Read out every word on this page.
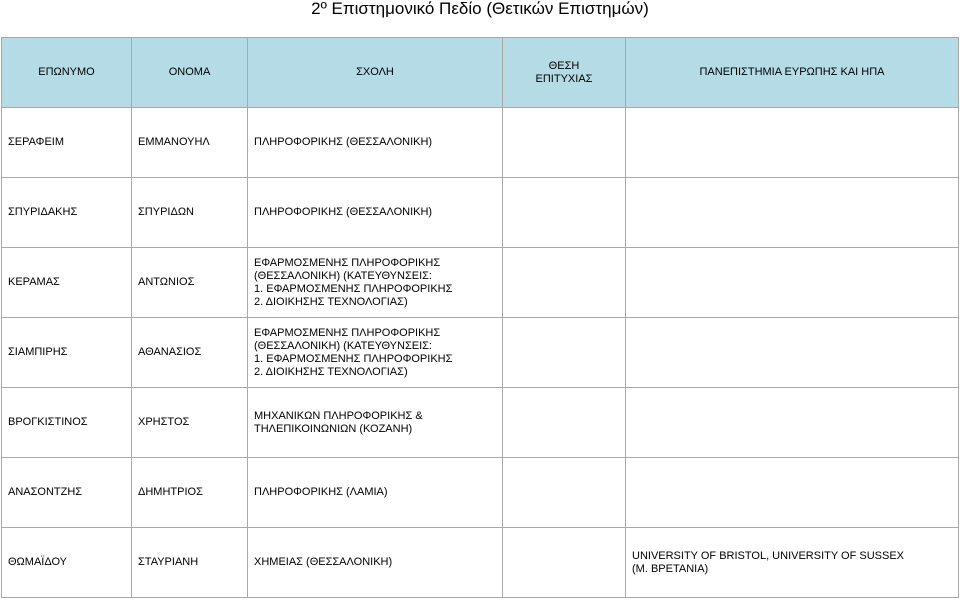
2º Επιστημονικό Πεδίο (Θετικών Επιστημών)
ΕΠΩΝΥΜΟ	ΟΝΟΜΑ	ΣΧΟΛΗ	ΘΕΣΗ
ΕΠΙΤΥΧΙΑΣ	ΠΑΝΕΠΙΣΤΗΜΙΑ ΕΥΡΩΠΗΣ ΚΑΙ ΗΠΑ
ΣΕΡΑΦΕΙΜ	ΕΜΜΑΝΟΥΗΛ	ΠΛΗΡΟΦΟΡΙΚΗΣ (ΘΕΣΣΑΛΟΝΙΚΗ)		
ΣΠΥΡΙΔΑΚΗΣ	ΣΠΥΡΙΔΩΝ	ΠΛΗΡΟΦΟΡΙΚΗΣ (ΘΕΣΣΑΛΟΝΙΚΗ)		
ΚΕΡΑΜΑΣ	ΑΝΤΩΝΙΟΣ	ΕΦΑΡΜΟΣΜΕΝΗΣ ΠΛΗΡΟΦΟΡΙΚΗΣ
(ΘΕΣΣΑΛΟΝΙΚΗ) (ΚΑΤΕΥΘΥΝΣΕΙΣ:
1. ΕΦΑΡΜΟΣΜΕΝΗΣ ΠΛΗΡΟΦΟΡΙΚΗΣ
2. ΔΙΟΙΚΗΣΗΣ ΤΕΧΝΟΛΟΓΙΑΣ)		
ΣΙΑΜΠΙΡΗΣ	ΑΘΑΝΑΣΙΟΣ	ΕΦΑΡΜΟΣΜΕΝΗΣ ΠΛΗΡΟΦΟΡΙΚΗΣ
(ΘΕΣΣΑΛΟΝΙΚΗ) (ΚΑΤΕΥΘΥΝΣΕΙΣ:
1. ΕΦΑΡΜΟΣΜΕΝΗΣ ΠΛΗΡΟΦΟΡΙΚΗΣ
2. ΔΙΟΙΚΗΣΗΣ ΤΕΧΝΟΛΟΓΙΑΣ)		
ΒΡΟΓΚΙΣΤΙΝΟΣ	ΧΡΗΣΤΟΣ	ΜΗΧΑΝΙΚΩΝ ΠΛΗΡΟΦΟΡΙΚΗΣ &
ΤΗΛΕΠΙΚΟΙΝΩΝΙΩΝ (ΚΟΖΑΝΗ)		
ΑΝΑΣΟΝΤΖΗΣ	ΔΗΜΗΤΡΙΟΣ	ΠΛΗΡΟΦΟΡΙΚΗΣ (ΛΑΜΙΑ)		
ΘΩΜΑΪΔΟΥ	ΣΤΑΥΡΙΑΝΗ	ΧΗΜΕΙΑΣ (ΘΕΣΣΑΛΟΝΙΚΗ)		UNIVERSITY OF BRISTOL, UNIVERSITY OF SUSSEX
(Μ. ΒΡΕΤΑΝΙΑ)
